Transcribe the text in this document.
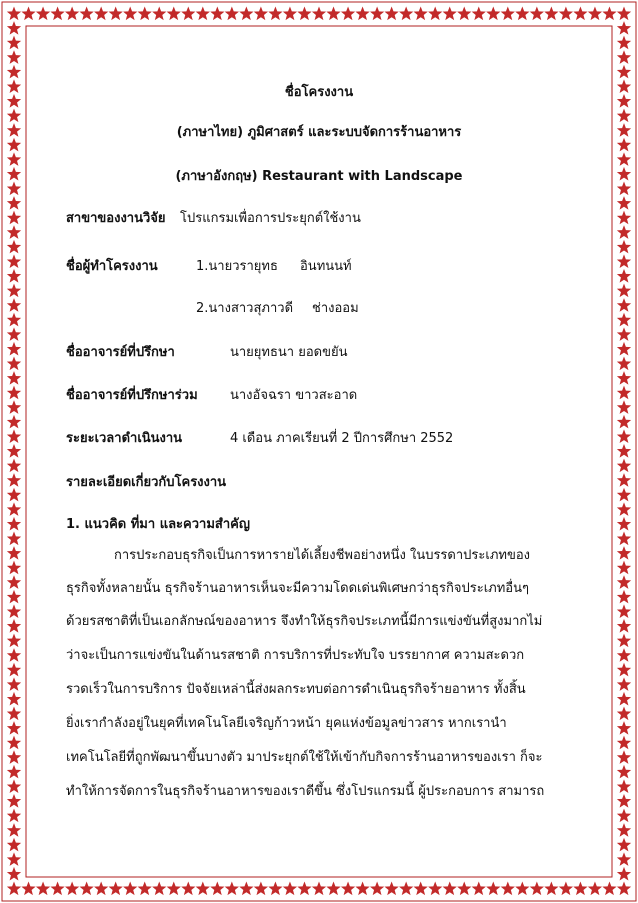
ชื่อโครงงาน
(ภาษาไทย) ภูมิศาสตร์ และระบบจัดการร้านอาหาร
(ภาษาอังกฤษ) Restaurant with Landscape
สาขาของงานวิจัย โปรแกรมเพื่อการประยุกต์ใช้งาน
ชื่อผู้ทำโครงงาน	1.นายวรายุทธ อินทนนท์
2.นางสาวสุภาวดี ช่างออม
ชื่ออาจารย์ที่ปรึกษา	นายยุทธนา ยอดขยัน
ชื่ออาจารย์ที่ปรึกษาร่วม นางอัจฉรา ขาวสะอาด
ระยะเวลาดำเนินงาน	4 เดือน ภาคเรียนที่ 2 ปีการศึกษา 2552
รายละเอียดเกี่ยวกับโครงงาน
1. แนวคิด ที่มา และความสำคัญ
การประกอบธุรกิจเป็นการหารายได้เลี้ยงชีพอย่างหนึ่ง ในบรรดาประเภทของ
ธุรกิจทั้งหลายนั้น ธุรกิจร้านอาหารเห็นจะมีความโดดเด่นพิเศษกว่าธุรกิจประเภทอื่นๆ
ด้วยรสชาติที่เป็นเอกลักษณ์ของอาหาร จึงทำให้ธุรกิจประเภทนี้มีการแข่งขันที่สูงมากไม่
ว่าจะเป็นการแข่งขันในด้านรสชาติ การบริการที่ประทับใจ บรรยากาศ ความสะดวก
รวดเร็วในการบริการ ปัจจัยเหล่านี้ส่งผลกระทบต่อการดำเนินธุรกิจร้ายอาหาร ทั้งสิ้น
ยิ่งเรากำลังอยู่ในยุคที่เทคโนโลยีเจริญก้าวหน้า ยุคแห่งข้อมูลข่าวสาร หากเรานำ
เทคโนโลยีที่ถูกพัฒนาขึ้นบางตัว มาประยุกต์ใช้ให้เข้ากับกิจการร้านอาหารของเรา ก็จะ
ทำให้การจัดการในธุรกิจร้านอาหารของเราดีขึ้น ซึ่งโปรแกรมนี้ ผู้ประกอบการ สามารถ
